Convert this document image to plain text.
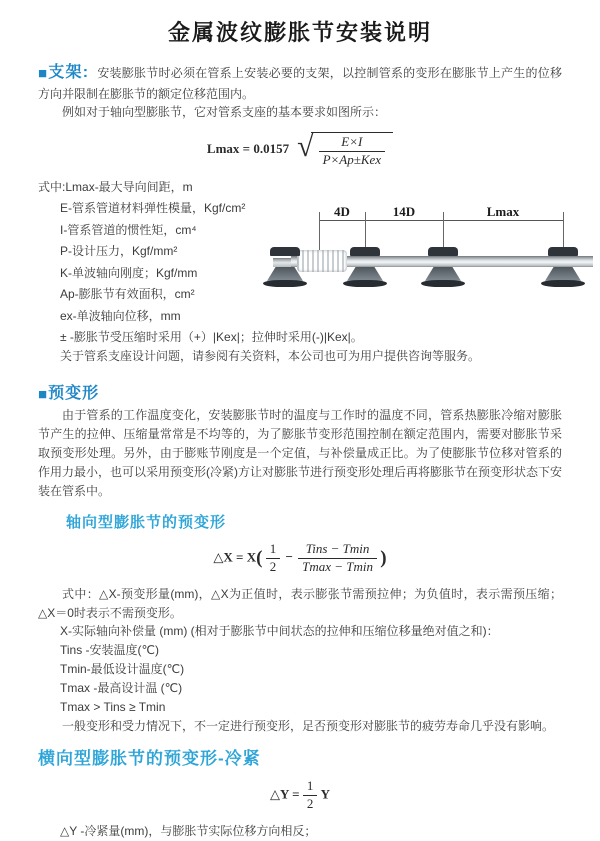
金属波纹膨胀节安装说明

■支架: 安装膨胀节时必须在管系上安装必要的支架，以控制管系的变形在膨胀节上产生的位移方向并限制在膨胀节的额定位移范围内。

例如对于轴向型膨胀节，它对管系支座的基本要求如图所示：

Lmax = 0.0157 √ $\frac{E\times I}{\text{P×Ap±Kex}}$
式中:Lmax-最大导向间距，m
E-管系管道材料弹性模量，Kgf/cm²
I-管系管道的惯性矩，cm⁴
P-设计压力，Kgf/mm²
K-单波轴向刚度；Kgf/mm
Ap-膨胀节有效面积，cm²
ex-单波轴向位移，mm
4D	14D	Lmax

± -膨胀节受压缩时采用（+）|Kex|；拉伸时采用(-)|Kex|。

关于管系支座设计问题，请参阅有关资料，本公司也可为用户提供咨询等服务。

■预变形

由于管系的工作温度变化，安装膨胀节时的温度与工作时的温度不同，管系热膨胀冷缩对膨胀节产生的拉伸、压缩量常常是不均等的，为了膨胀节变形范围控制在额定范围内，需要对膨胀节采取预变形处理。另外，由于膨账节刚度是一个定值，与补偿量成正比。为了使膨胀节位移对管系的作用力最小，也可以采用预变形(冷紧)方让对膨胀节进行预变形处理后再将膨胀节在预变形状态下安装在管系中。

轴向型膨胀节的预变形
△X = $X( \frac{1}{2} - \frac{\text{Tins − Tmin}}{Tmax - Tmin}$ )

式中：△X-预变形量(mm)，△X为正值时，表示膨张节需预拉伸；为负值时，表示需预压缩；△X＝0时表示不需预变形。

X-实际轴向补偿量 (mm) (相对于膨胀节中间状态的拉伸和压缩位移量绝对值之和)：

Tins -安装温度(℃)

Tmin-最低设计温度(℃)

Tmax -最高设计温 (℃)

Tmax > Tins ≥ Tmin

一般变形和受力情况下，不一定进行预变形，足否预变形对膨胀节的疲劳寿命几乎没有影响。

横向型膨胀节的预变形-冷紧
△Y = $\frac{1}{2}$ Y

△Y -冷紧量(mm)，与膨胀节实际位移方向相反；
